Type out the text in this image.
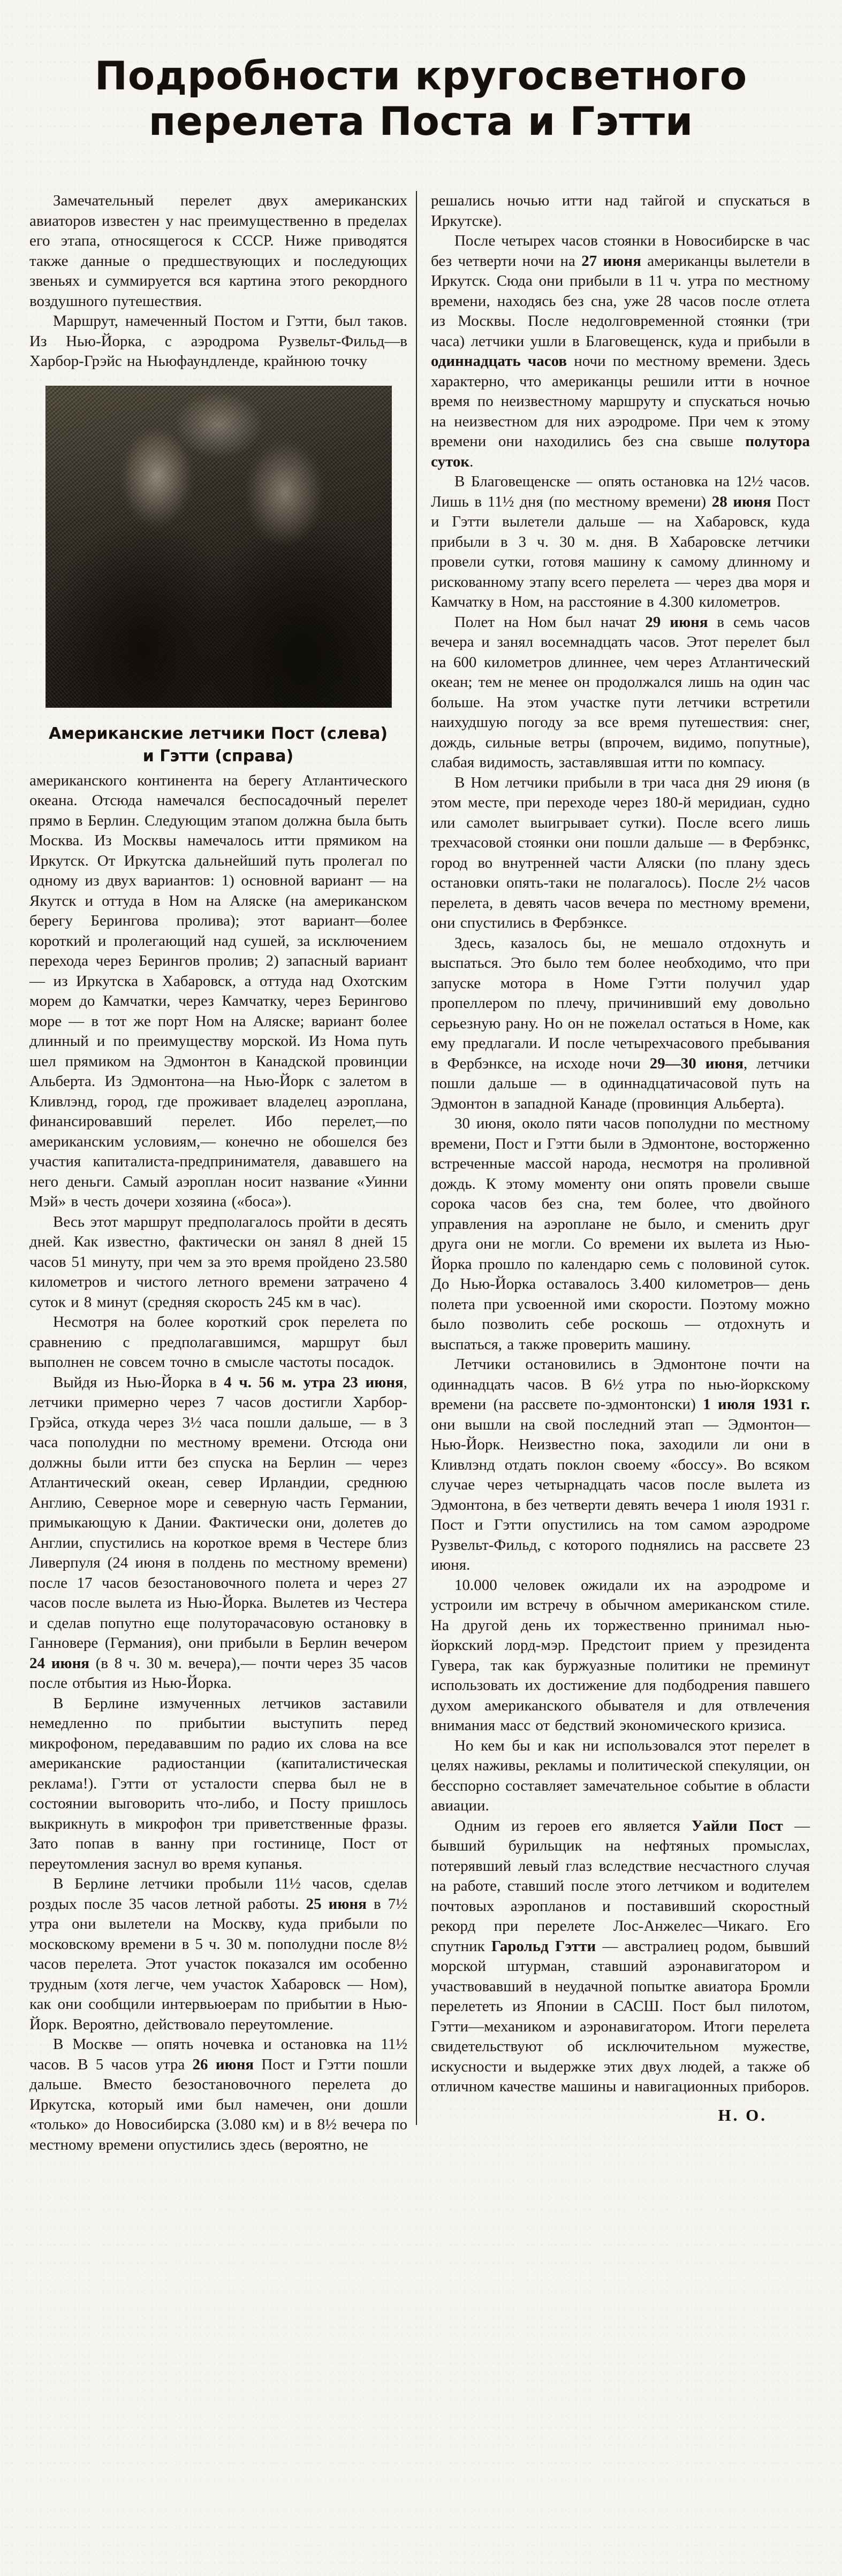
Подробности кругосветного
перелета Поста и Гэтти

Замечательный перелет двух американских авиаторов известен у нас преимущественно в пределах его этапа, относящегося к СССР. Ниже приводятся также данные о предшествующих и последующих звеньях и суммируется вся картина этого рекордного воздушного путешествия.

Маршрут, намеченный Постом и Гэтти, был таков. Из Нью-Йорка, с аэродрома Рузвельт-Фильд—в Харбор-Грэйс на Ньюфаундленде, крайнюю точку

Американские летчики Пост (слева)
и Гэтти (справа)

американского континента на берегу Атлантического океана. Отсюда намечался беспосадочный перелет прямо в Берлин. Следующим этапом должна была быть Москва. Из Москвы намечалось итти прямиком на Иркутск. От Иркутска дальнейший путь пролегал по одному из двух вариантов: 1) основной вариант — на Якутск и оттуда в Ном на Аляске (на американском берегу Берингова пролива); этот вариант—более короткий и пролегающий над сушей, за исключением перехода через Берингов пролив; 2) запасный вариант — из Иркутска в Хабаровск, а оттуда над Охотским морем до Камчатки, через Камчатку, через Берингово море — в тот же порт Ном на Аляске; вариант более длинный и по преимуществу морской. Из Нома путь шел прямиком на Эдмонтон в Канадской провинции Альберта. Из Эдмонтона—на Нью-Йорк с залетом в Кливлэнд, город, где проживает владелец аэроплана, финансировавший перелет. Ибо перелет,—по американским условиям,— конечно не обошелся без участия капиталиста-предпринимателя, дававшего на него деньги. Самый аэроплан носит название «Уинни Мэй» в честь дочери хозяина («боса»).

Весь этот маршрут предполагалось пройти в десять дней. Как известно, фактически он занял 8 дней 15 часов 51 минуту, при чем за это время пройдено 23.580 километров и чистого летного времени затрачено 4 суток и 8 минут (средняя скорость 245 км в час).

Несмотря на более короткий срок перелета по сравнению с предполагавшимся, маршрут был выполнен не совсем точно в смысле частоты посадок.

Выйдя из Нью-Йорка в 4 ч. 56 м. утра 23 июня, летчики примерно через 7 часов достигли Харбор-Грэйса, откуда через 3½ часа пошли дальше, — в 3 часа пополудни по местному времени. Отсюда они должны были итти без спуска на Берлин — через Атлантический океан, север Ирландии, среднюю Англию, Северное море и северную часть Германии, примыкающую к Дании. Фактически они, долетев до Англии, спустились на короткое время в Честере близ Ливерпуля (24 июня в полдень по местному времени) после 17 часов безостановочного полета и через 27 часов после вылета из Нью-Йорка. Вылетев из Честера и сделав попутно еще полуторачасовую остановку в Ганновере (Германия), они прибыли в Берлин вечером 24 июня (в 8 ч. 30 м. вечера),— почти через 35 часов после отбытия из Нью-Йорка.

В Берлине измученных летчиков заставили немедленно по прибытии выступить перед микрофоном, передававшим по радио их слова на все американские радиостанции (капиталистическая реклама!). Гэтти от усталости сперва был не в состоянии выговорить что-либо, и Посту пришлось выкрикнуть в микрофон три приветственные фразы. Зато попав в ванну при гостинице, Пост от переутомления заснул во время купанья.

В Берлине летчики пробыли 11½ часов, сделав роздых после 35 часов летной работы. 25 июня в 7½ утра они вылетели на Москву, куда прибыли по московскому времени в 5 ч. 30 м. пополудни после 8½ часов перелета. Этот участок показался им особенно трудным (хотя легче, чем участок Хабаровск — Ном), как они сообщили интервьюерам по прибытии в Нью-Йорк. Вероятно, действовало переутомление.

В Москве — опять ночевка и остановка на 11½ часов. В 5 часов утра 26 июня Пост и Гэтти пошли дальше. Вместо безостановочного перелета до Иркутска, который ими был намечен, они дошли «только» до Новосибирска (3.080 км) и в 8½ вечера по местному времени опустились здесь (вероятно, не

решались ночью итти над тайгой и спускаться в Иркутске).

После четырех часов стоянки в Новосибирске в час без четверти ночи на 27 июня американцы вылетели в Иркутск. Сюда они прибыли в 11 ч. утра по местному времени, находясь без сна, уже 28 часов после отлета из Москвы. После недолговременной стоянки (три часа) летчики ушли в Благовещенск, куда и прибыли в одиннадцать часов ночи по местному времени. Здесь характерно, что американцы решили итти в ночное время по неизвестному маршруту и спускаться ночью на неизвестном для них аэродроме. При чем к этому времени они находились без сна свыше полутора суток.

В Благовещенске — опять остановка на 12½ часов. Лишь в 11½ дня (по местному времени) 28 июня Пост и Гэтти вылетели дальше — на Хабаровск, куда прибыли в 3 ч. 30 м. дня. В Хабаровске летчики провели сутки, готовя машину к самому длинному и рискованному этапу всего перелета — через два моря и Камчатку в Ном, на расстояние в 4.300 километров.

Полет на Ном был начат 29 июня в семь часов вечера и занял восемнадцать часов. Этот перелет был на 600 километров длиннее, чем через Атлантический океан; тем не менее он продолжался лишь на один час больше. На этом участке пути летчики встретили наихудшую погоду за все время путешествия: снег, дождь, сильные ветры (впрочем, видимо, попутные), слабая видимость, заставлявшая итти по компасу.

В Ном летчики прибыли в три часа дня 29 июня (в этом месте, при переходе через 180-й меридиан, судно или самолет выигрывает сутки). После всего лишь трехчасовой стоянки они пошли дальше — в Фербэнкс, город во внутренней части Аляски (по плану здесь остановки опять-таки не полагалось). После 2½ часов перелета, в девять часов вечера по местному времени, они спустились в Фербэнксе.

Здесь, казалось бы, не мешало отдохнуть и выспаться. Это было тем более необходимо, что при запуске мотора в Номе Гэтти получил удар пропеллером по плечу, причинивший ему довольно серьезную рану. Но он не пожелал остаться в Номе, как ему предлагали. И после четырехчасового пребывания в Фербэнксе, на исходе ночи 29—30 июня, летчики пошли дальше — в одиннадцатичасовой путь на Эдмонтон в западной Канаде (провинция Альберта).

30 июня, около пяти часов пополудни по местному времени, Пост и Гэтти были в Эдмонтоне, восторженно встреченные массой народа, несмотря на проливной дождь. К этому моменту они опять провели свыше сорока часов без сна, тем более, что двойного управления на аэроплане не было, и сменить друг друга они не могли. Со времени их вылета из Нью-Йорка прошло по календарю семь с половиной суток. До Нью-Йорка оставалось 3.400 километров— день полета при усвоенной ими скорости. Поэтому можно было позволить себе роскошь — отдохнуть и выспаться, а также проверить машину.

Летчики остановились в Эдмонтоне почти на одиннадцать часов. В 6½ утра по нью-йоркскому времени (на рассвете по-эдмонтонски) 1 июля 1931 г. они вышли на свой последний этап — Эдмонтон—Нью-Йорк. Неизвестно пока, заходили ли они в Кливлэнд отдать поклон своему «боссу». Во всяком случае через четырнадцать часов после вылета из Эдмонтона, в без четверти девять вечера 1 июля 1931 г. Пост и Гэтти опустились на том самом аэродроме Рузвельт-Фильд, с которого поднялись на рассвете 23 июня.

10.000 человек ожидали их на аэродроме и устроили им встречу в обычном американском стиле. На другой день их торжественно принимал нью-йоркский лорд-мэр. Предстоит прием у президента Гувера, так как буржуазные политики не преминут использовать их достижение для подбодрения павшего духом американского обывателя и для отвлечения внимания масс от бедствий экономического кризиса.

Но кем бы и как ни использовался этот перелет в целях наживы, рекламы и политической спекуляции, он бесспорно составляет замечательное событие в области авиации.

Одним из героев его является Уайли Пост — бывший бурильщик на нефтяных промыслах, потерявший левый глаз вследствие несчастного случая на работе, ставший после этого летчиком и водителем почтовых аэропланов и поставивший скоростный рекорд при перелете Лос-Анжелес—Чикаго. Его спутник Гарольд Гэтти — австралиец родом, бывший морской штурман, ставший аэронавигатором и участвовавший в неудачной попытке авиатора Бромли перелететь из Японии в САСШ. Пост был пилотом, Гэтти—механиком и аэронавигатором. Итоги перелета свидетельствуют об исключительном мужестве, искусности и выдержке этих двух людей, а также об отличном качестве машины и навигационных приборов.

Н. О.
